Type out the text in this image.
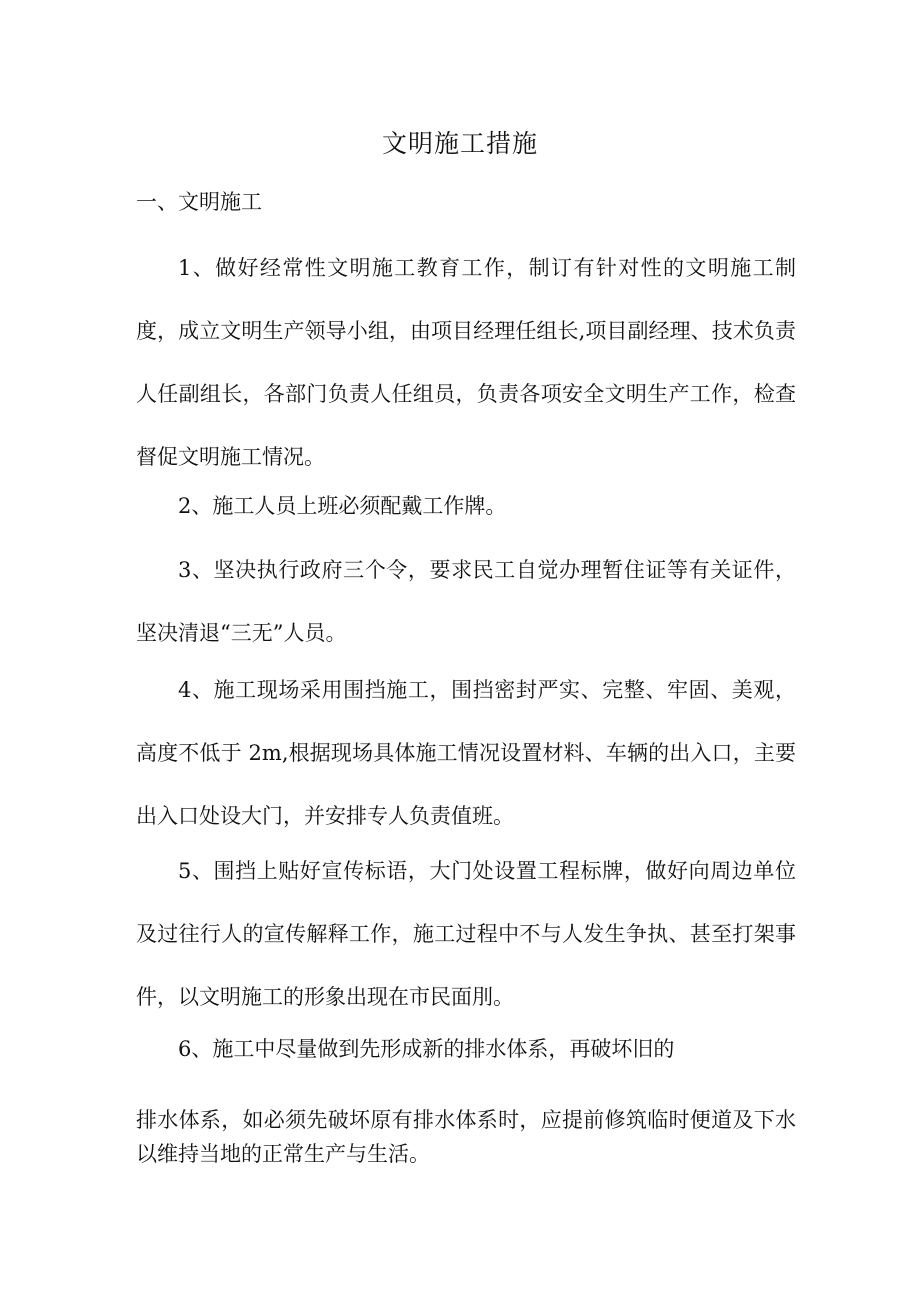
文明施工措施
一、文明施工

1、做好经常性文明施工教育工作，制订有针对性的文明施工制度，成立文明生产领导小组，由项目经理任组长,项目副经理、技术负责人任副组长，各部门负责人任组员，负责各项安全文明生产工作，检查督促文明施工情况。

2、施工人员上班必须配戴工作牌。

3、坚决执行政府三个令，要求民工自觉办理暂住证等有关证件，坚决清退“三无”人员。

4、施工现场采用围挡施工，围挡密封严实、完整、牢固、美观，高度不低于 2m,根据现场具体施工情况设置材料、车辆的出入口，主要出入口处设大门，并安排专人负责值班。

5、围挡上贴好宣传标语，大门处设置工程标牌，做好向周边单位及过往行人的宣传解释工作，施工过程中不与人发生争执、甚至打架事件，以文明施工的形象出现在市民面刖。

6、施工中尽量做到先形成新的排水体系，再破坏旧的

排水体系，如必须先破坏原有排水体系时，应提前修筑临时便道及下水以维持当地的正常生产与生活。
